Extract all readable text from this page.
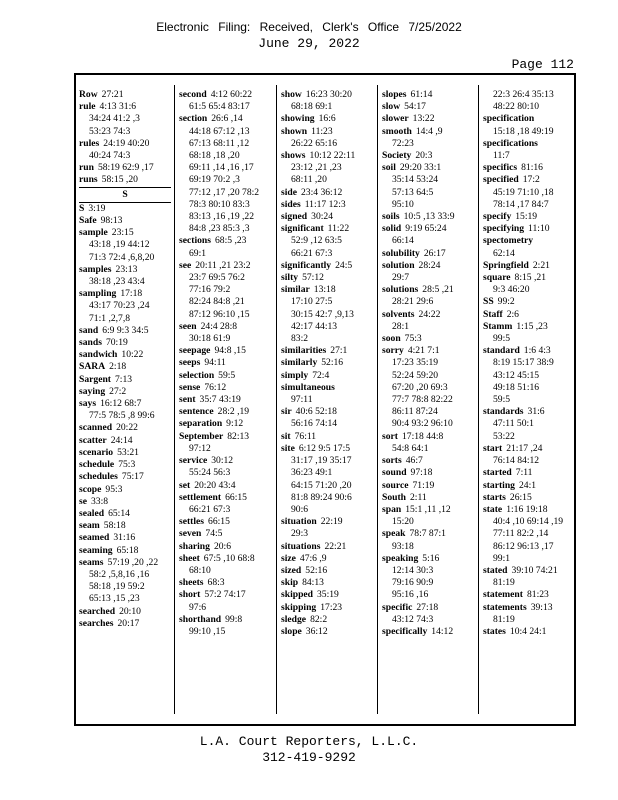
Electronic Filing: Received, Clerk's Office 7/25/2022
June 29, 2022
Page 112
Row 27:21
rule 4:13 31:6
34:24 41:2 ,3
53:23 74:3
rules 24:19 40:20
40:24 74:3
run 58:19 62:9 ,17
runs 58:15 ,20
S
S 3:19
Safe 98:13
sample 23:15
43:18 ,19 44:12
71:3 72:4 ,6,8,20
samples 23:13
38:18 ,23 43:4
sampling 17:18
43:17 70:23 ,24
71:1 ,2,7,8
sand 6:9 9:3 34:5
sands 70:19
sandwich 10:22
SARA 2:18
Sargent 7:13
saying 27:2
says 16:12 68:7
77:5 78:5 ,8 99:6
scanned 20:22
scatter 24:14
scenario 53:21
schedule 75:3
schedules 75:17
scope 95:3
se 33:8
sealed 65:14
seam 58:18
seamed 31:16
seaming 65:18
seams 57:19 ,20 ,22
58:2 ,5,8,16 ,16
58:18 ,19 59:2
65:13 ,15 ,23
searched 20:10
searches 20:17
second 4:12 60:22
61:5 65:4 83:17
section 26:6 ,14
44:18 67:12 ,13
67:13 68:11 ,12
68:18 ,18 ,20
69:11 ,14 ,16 ,17
69:19 70:2 ,3
77:12 ,17 ,20 78:2
78:3 80:10 83:3
83:13 ,16 ,19 ,22
84:8 ,23 85:3 ,3
sections 68:5 ,23
69:1
see 20:11 ,21 23:2
23:7 69:5 76:2
77:16 79:2
82:24 84:8 ,21
87:12 96:10 ,15
seen 24:4 28:8
30:18 61:9
seepage 94:8 ,15
seeps 94:11
selection 59:5
sense 76:12
sent 35:7 43:19
sentence 28:2 ,19
separation 9:12
September 82:13
97:12
service 30:12
55:24 56:3
set 20:20 43:4
settlement 66:15
66:21 67:3
settles 66:15
seven 74:5
sharing 20:6
sheet 67:5 ,10 68:8
68:10
sheets 68:3
short 57:2 74:17
97:6
shorthand 99:8
99:10 ,15
show 16:23 30:20
68:18 69:1
showing 16:6
shown 11:23
26:22 65:16
shows 10:12 22:11
23:12 ,21 ,23
68:11 ,20
side 23:4 36:12
sides 11:17 12:3
signed 30:24
significant 11:22
52:9 ,12 63:5
66:21 67:3
significantly 24:5
silty 57:12
similar 13:18
17:10 27:5
30:15 42:7 ,9,13
42:17 44:13
83:2
similarities 27:1
similarly 52:16
simply 72:4
simultaneous
97:11
sir 40:6 52:18
56:16 74:14
sit 76:11
site 6:12 9:5 17:5
31:17 ,19 35:17
36:23 49:1
64:15 71:20 ,20
81:8 89:24 90:6
90:6
situation 22:19
29:3
situations 22:21
size 47:6 ,9
sized 52:16
skip 84:13
skipped 35:19
skipping 17:23
sledge 82:2
slope 36:12
slopes 61:14
slow 54:17
slower 13:22
smooth 14:4 ,9
72:23
Society 20:3
soil 29:20 33:1
35:14 53:24
57:13 64:5
95:10
soils 10:5 ,13 33:9
solid 9:19 65:24
66:14
solubility 26:17
solution 28:24
29:7
solutions 28:5 ,21
28:21 29:6
solvents 24:22
28:1
soon 75:3
sorry 4:21 7:1
17:23 35:19
52:24 59:20
67:20 ,20 69:3
77:7 78:8 82:22
86:11 87:24
90:4 93:2 96:10
sort 17:18 44:8
54:8 64:1
sorts 46:7
sound 97:18
source 71:19
South 2:11
span 15:1 ,11 ,12
15:20
speak 78:7 87:1
93:18
speaking 5:16
12:14 30:3
79:16 90:9
95:16 ,16
specific 27:18
43:12 74:3
specifically 14:12
22:3 26:4 35:13
48:22 80:10
specification
15:18 ,18 49:19
specifications
11:7
specifics 81:16
specified 17:2
45:19 71:10 ,18
78:14 ,17 84:7
specify 15:19
specifying 11:10
spectometry
62:14
Springfield 2:21
square 8:15 ,21
9:3 46:20
SS 99:2
Staff 2:6
Stamm 1:15 ,23
99:5
standard 1:6 4:3
8:19 15:17 38:9
43:12 45:15
49:18 51:16
59:5
standards 31:6
47:11 50:1
53:22
start 21:17 ,24
76:14 84:12
started 7:11
starting 24:1
starts 26:15
state 1:16 19:18
40:4 ,10 69:14 ,19
77:11 82:2 ,14
86:12 96:13 ,17
99:1
stated 39:10 74:21
81:19
statement 81:23
statements 39:13
81:19
states 10:4 24:1
L.A. Court Reporters, L.L.C.
312-419-9292
